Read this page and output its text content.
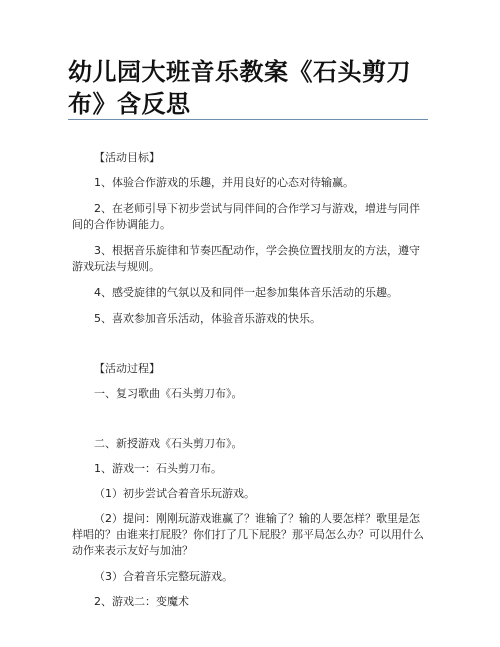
幼儿园大班音乐教案《石头剪刀布》含反思

【活动目标】

1、体验合作游戏的乐趣，并用良好的心态对待输赢。

2、在老师引导下初步尝试与同伴间的合作学习与游戏，增进与同伴间的合作协调能力。

3、根据音乐旋律和节奏匹配动作，学会换位置找朋友的方法，遵守游戏玩法与规则。

4、感受旋律的气氛以及和同伴一起参加集体音乐活动的乐趣。

5、喜欢参加音乐活动，体验音乐游戏的快乐。

【活动过程】

一、复习歌曲《石头剪刀布》。

二、新授游戏《石头剪刀布》。

1、游戏一：石头剪刀布。

（1）初步尝试合着音乐玩游戏。

（2）提问：刚刚玩游戏谁赢了？谁输了？输的人要怎样？歌里是怎样唱的？由谁来打屁股？你们打了几下屁股？那平局怎么办？可以用什么动作来表示友好与加油？

（3）合着音乐完整玩游戏。

2、游戏二：变魔术
